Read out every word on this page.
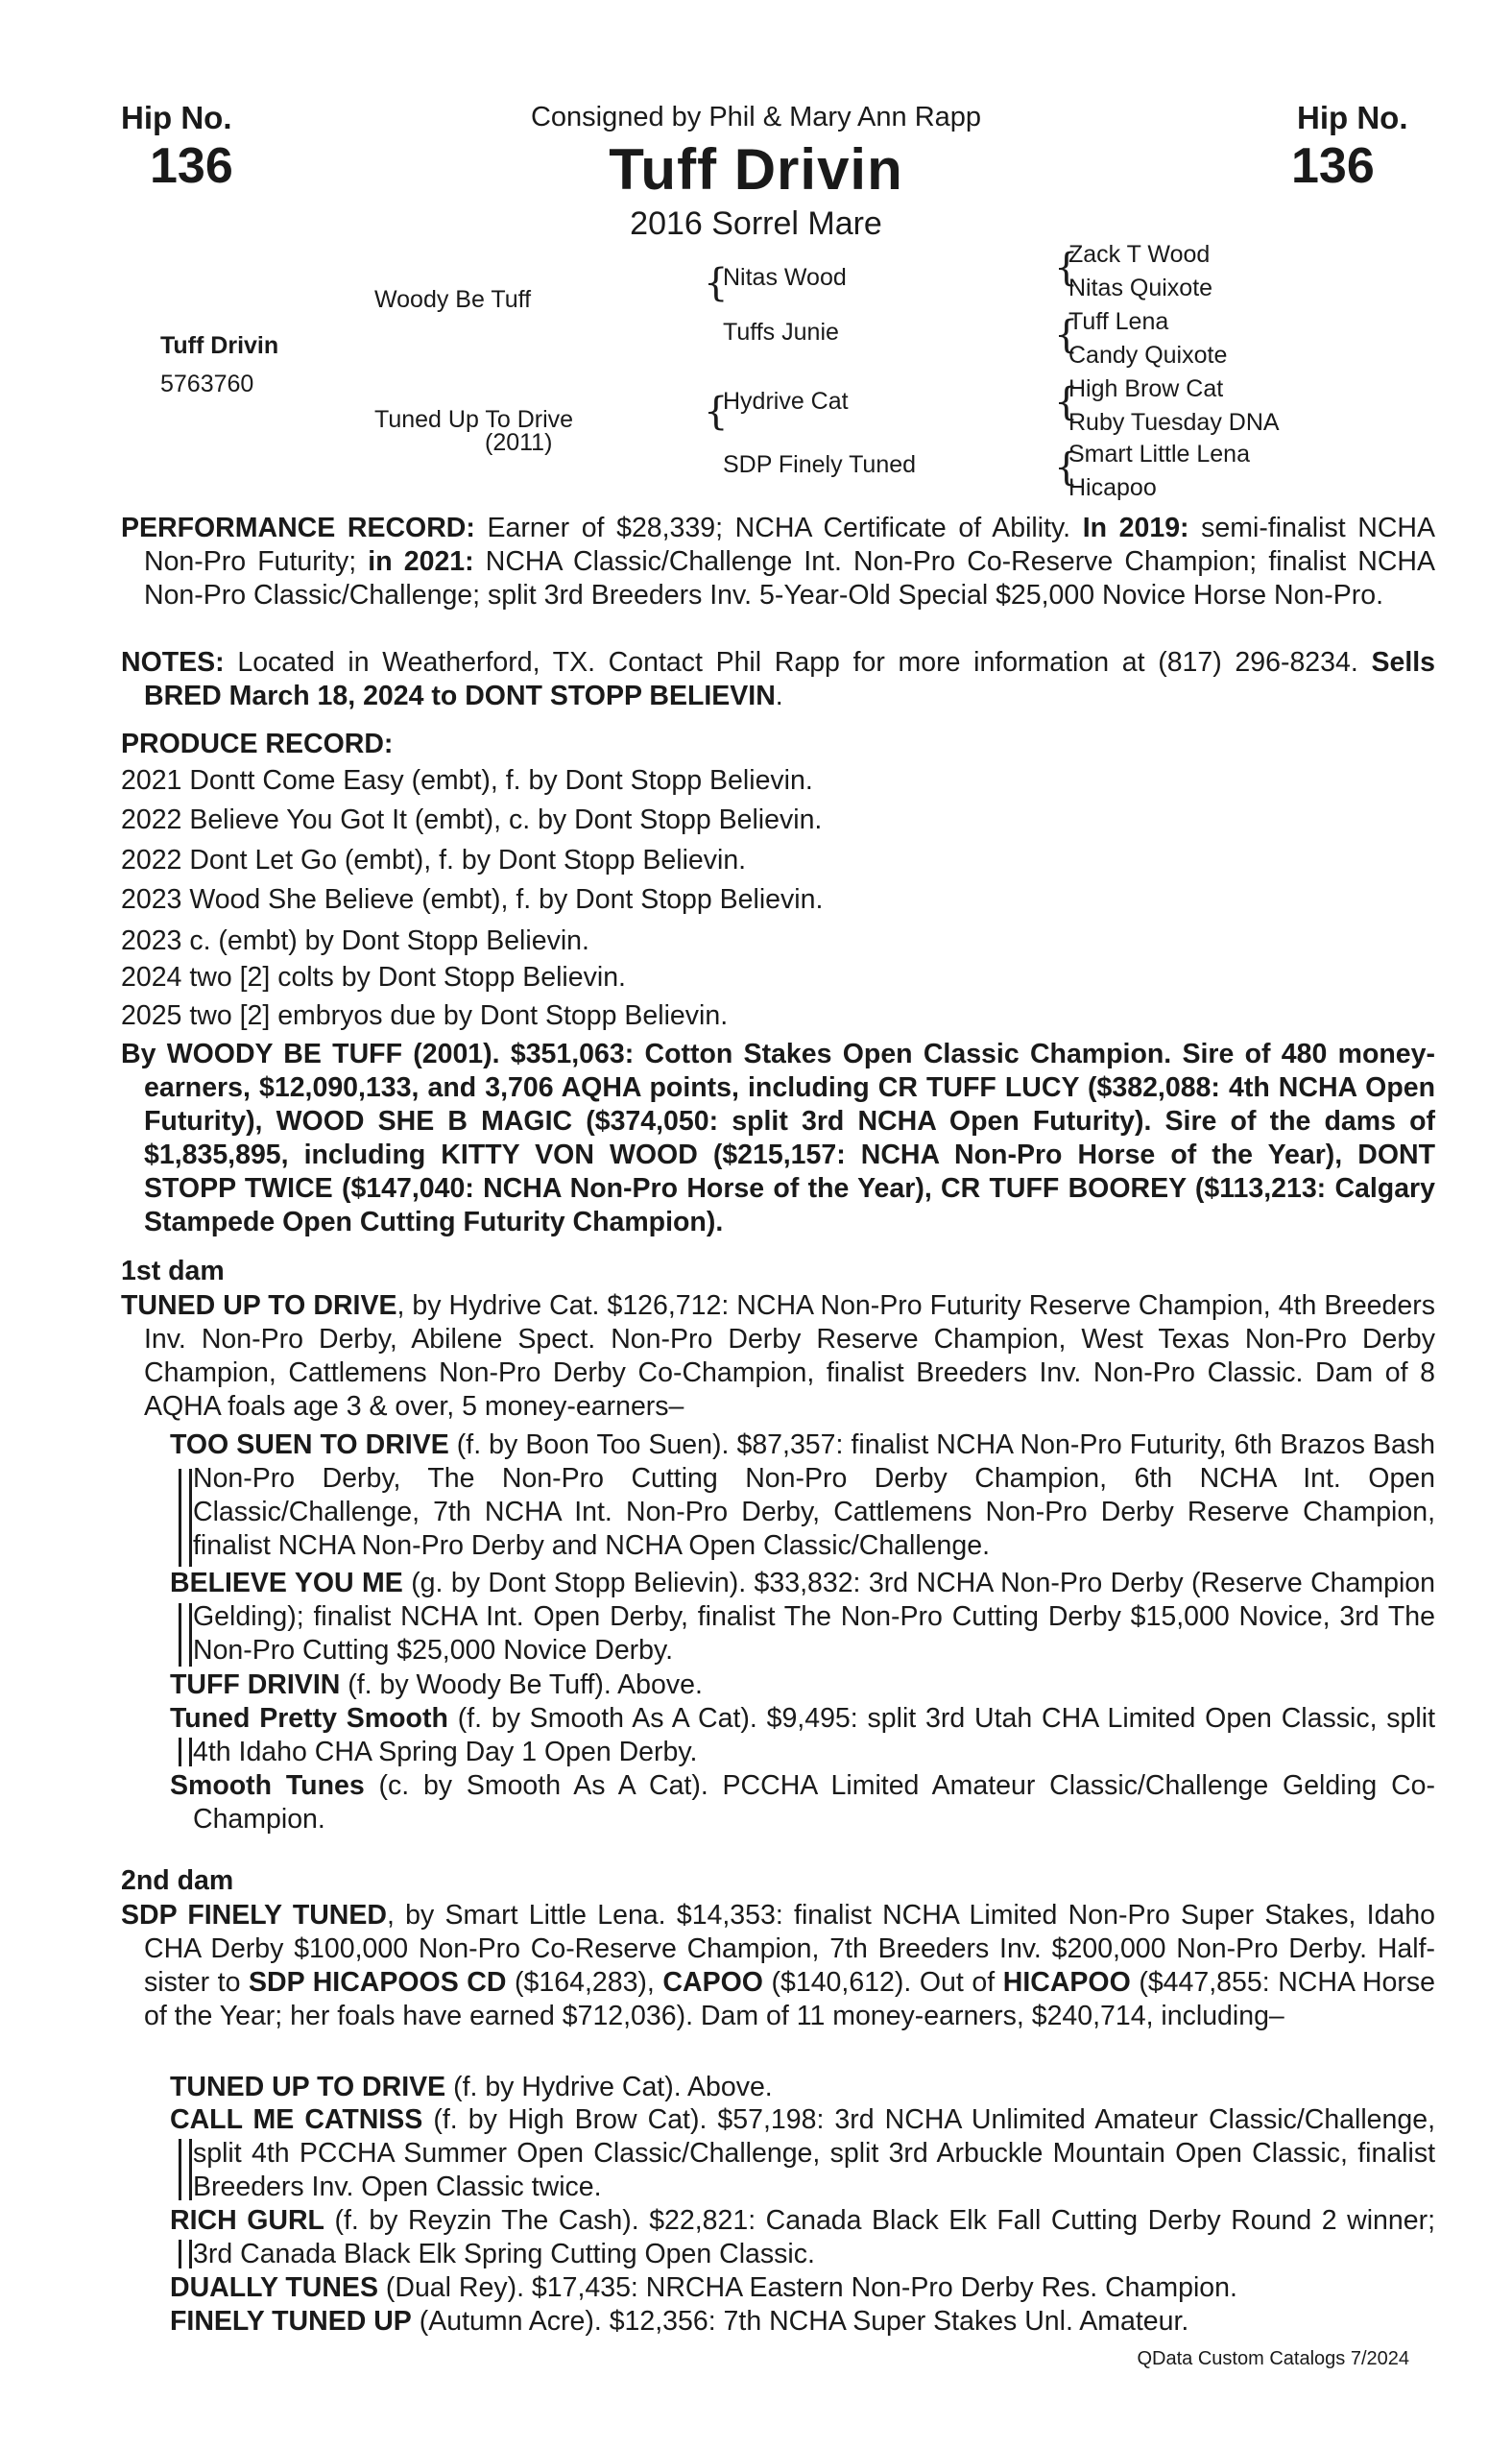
Hip No.
136
Hip No.
136
Consigned by Phil & Mary Ann Rapp
Tuff Drivin
2016 Sorrel Mare
Tuff Drivin
5763760
Woody Be Tuff
Tuned Up To Drive
(2011)
{
Nitas Wood
Tuffs Junie
{
Hydrive Cat
SDP Finely Tuned
{
Zack T Wood
Nitas Quixote
{
Tuff Lena
Candy Quixote
{
High Brow Cat
Ruby Tuesday DNA
{
Smart Little Lena
Hicapoo
PERFORMANCE RECORD: Earner of $28,339; NCHA Certificate of Ability. In 2019: semi-finalist NCHA Non-Pro Futurity; in 2021: NCHA Classic/Challenge Int. Non-Pro Co-Reserve Champion; finalist NCHA Non-Pro Classic/Challenge; split 3rd Breeders Inv. 5-Year-Old Special $25,000 Novice Horse Non-Pro.
NOTES: Located in Weatherford, TX. Contact Phil Rapp for more information at (817) 296-8234. Sells BRED March 18, 2024 to DONT STOPP BELIEVIN.
PRODUCE RECORD:
2021 Dontt Come Easy (embt), f. by Dont Stopp Believin.
2022 Believe You Got It (embt), c. by Dont Stopp Believin.
2022 Dont Let Go (embt), f. by Dont Stopp Believin.
2023 Wood She Believe (embt), f. by Dont Stopp Believin.
2023 c. (embt) by Dont Stopp Believin.
2024 two [2] colts by Dont Stopp Believin.
2025 two [2] embryos due by Dont Stopp Believin.
By WOODY BE TUFF (2001). $351,063: Cotton Stakes Open Classic Champion. Sire of 480 money-earners, $12,090,133, and 3,706 AQHA points, including CR TUFF LUCY ($382,088: 4th NCHA Open Futurity), WOOD SHE B MAGIC ($374,050: split 3rd NCHA Open Futurity). Sire of the dams of $1,835,895, including KITTY VON WOOD ($215,157: NCHA Non-Pro Horse of the Year), DONT STOPP TWICE ($147,040: NCHA Non-Pro Horse of the Year), CR TUFF BOOREY ($113,213: Calgary Stampede Open Cutting Futurity Champion).
1st dam
TUNED UP TO DRIVE, by Hydrive Cat. $126,712: NCHA Non-Pro Futurity Reserve Champion, 4th Breeders Inv. Non-Pro Derby, Abilene Spect. Non-Pro Derby Reserve Champion, West Texas Non-Pro Derby Champion, Cattlemens Non-Pro Derby Co-Champion, finalist Breeders Inv. Non-Pro Classic. Dam of 8 AQHA foals age 3 & over, 5 money-earners–
TOO SUEN TO DRIVE (f. by Boon Too Suen). $87,357: finalist NCHA Non-Pro Futurity, 6th Brazos Bash Non-Pro Derby, The Non-Pro Cutting Non-Pro Derby Champion, 6th NCHA Int. Open Classic/Challenge, 7th NCHA Int. Non-Pro Derby, Cattlemens Non-Pro Derby Reserve Champion, finalist NCHA Non-Pro Derby and NCHA Open Classic/Challenge.
BELIEVE YOU ME (g. by Dont Stopp Believin). $33,832: 3rd NCHA Non-Pro Derby (Reserve Champion Gelding); finalist NCHA Int. Open Derby, finalist The Non-Pro Cutting Derby $15,000 Novice, 3rd The Non-Pro Cutting $25,000 Novice Derby.
TUFF DRIVIN (f. by Woody Be Tuff). Above.
Tuned Pretty Smooth (f. by Smooth As A Cat). $9,495: split 3rd Utah CHA Limited Open Classic, split 4th Idaho CHA Spring Day 1 Open Derby.
Smooth Tunes (c. by Smooth As A Cat). PCCHA Limited Amateur Classic/Challenge Gelding Co-Champion.
2nd dam
SDP FINELY TUNED, by Smart Little Lena. $14,353: finalist NCHA Limited Non-Pro Super Stakes, Idaho CHA Derby $100,000 Non-Pro Co-Reserve Champion, 7th Breeders Inv. $200,000 Non-Pro Derby. Half-sister to SDP HICAPOOS CD ($164,283), CAPOO ($140,612). Out of HICAPOO ($447,855: NCHA Horse of the Year; her foals have earned $712,036). Dam of 11 money-earners, $240,714, including–
TUNED UP TO DRIVE (f. by Hydrive Cat). Above.
CALL ME CATNISS (f. by High Brow Cat). $57,198: 3rd NCHA Unlimited Amateur Classic/Challenge, split 4th PCCHA Summer Open Classic/Challenge, split 3rd Arbuckle Mountain Open Classic, finalist Breeders Inv. Open Classic twice.
RICH GURL (f. by Reyzin The Cash). $22,821: Canada Black Elk Fall Cutting Derby Round 2 winner; 3rd Canada Black Elk Spring Cutting Open Classic.
DUALLY TUNES (Dual Rey). $17,435: NRCHA Eastern Non-Pro Derby Res. Champion.
FINELY TUNED UP (Autumn Acre). $12,356: 7th NCHA Super Stakes Unl. Amateur.
QData Custom Catalogs 7/2024
